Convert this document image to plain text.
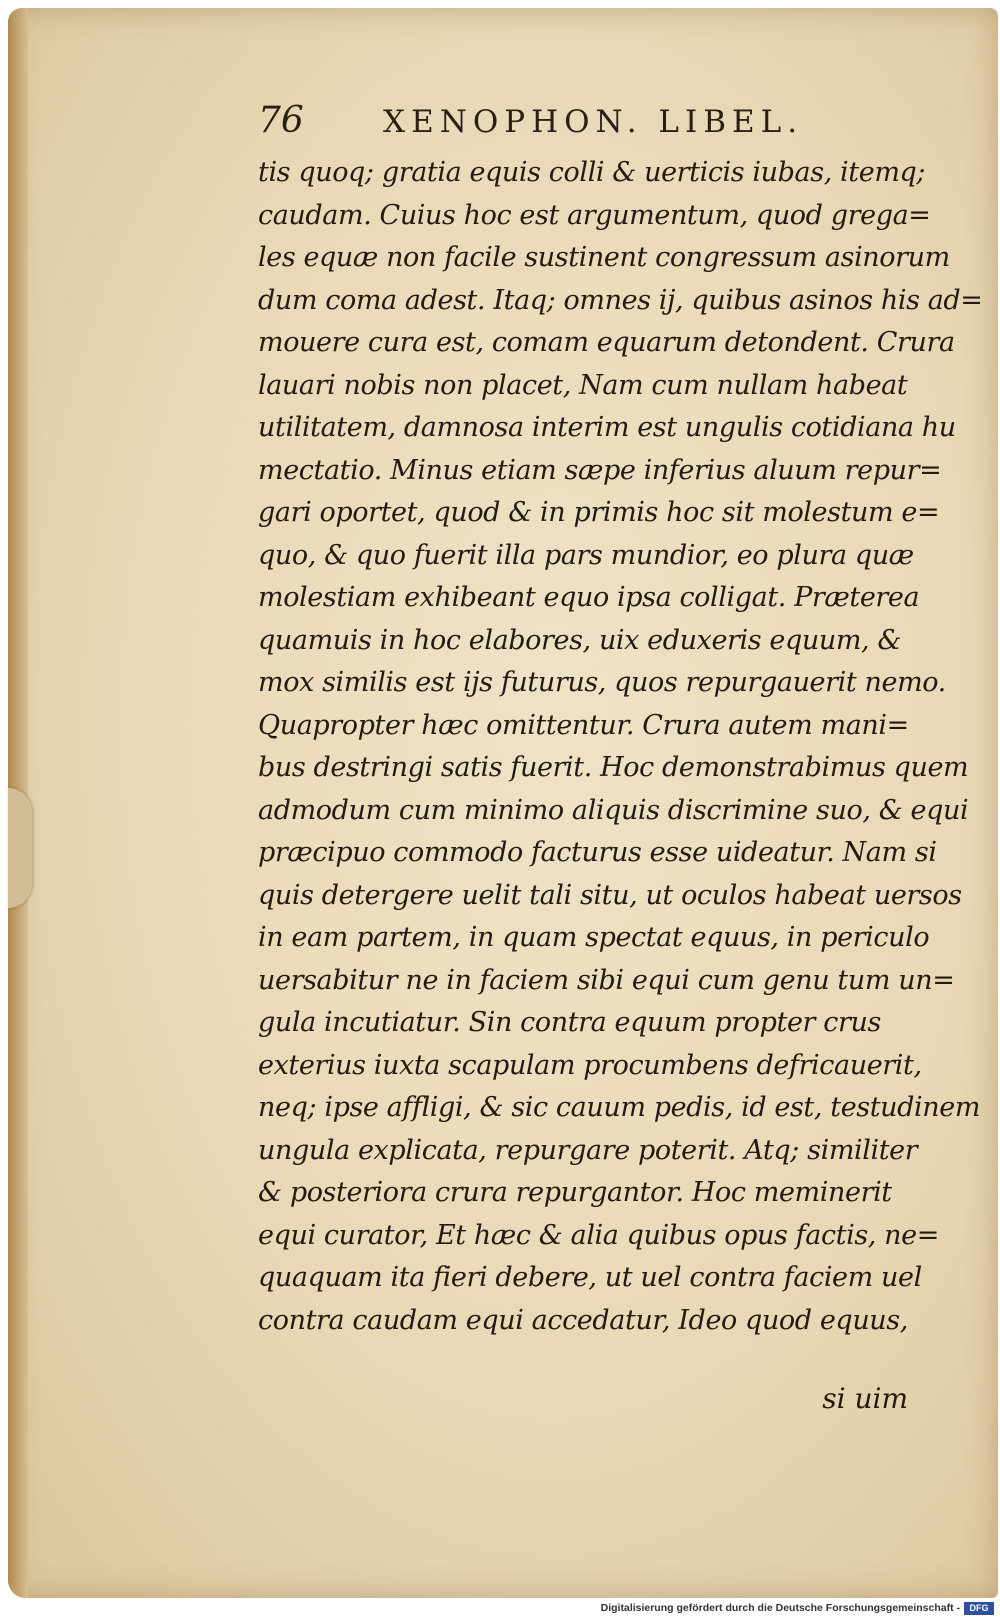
76	XENOPHON. LIBEL.
tis quoq; gratia equis colli & uerticis iubas, itemq;
caudam. Cuius hoc est argumentum, quod grega=
les equæ non facile sustinent congressum asinorum
dum coma adest. Itaq; omnes ij, quibus asinos his ad=
mouere cura est, comam equarum detondent. Crura
lauari nobis non placet, Nam cum nullam habeat
utilitatem, damnosa interim est ungulis cotidiana hu
mectatio. Minus etiam sæpe inferius aluum repur=
gari oportet, quod & in primis hoc sit molestum e=
quo, & quo fuerit illa pars mundior, eo plura quæ
molestiam exhibeant equo ipsa colligat. Præterea
quamuis in hoc elabores, uix eduxeris equum, &
mox similis est ijs futurus, quos repurgauerit nemo.
Quapropter hæc omittentur. Crura autem mani=
bus destringi satis fuerit. Hoc demonstrabimus quem
admodum cum minimo aliquis discrimine suo, & equi
præcipuo commodo facturus esse uideatur. Nam si
quis detergere uelit tali situ, ut oculos habeat uersos
in eam partem, in quam spectat equus, in periculo
uersabitur ne in faciem sibi equi cum genu tum un=
gula incutiatur. Sin contra equum propter crus
exterius iuxta scapulam procumbens defricauerit,
neq; ipse affligi, & sic cauum pedis, id est, testudinem
ungula explicata, repurgare poterit. Atq; similiter
& posteriora crura repurgantor. Hoc meminerit
equi curator, Et hæc & alia quibus opus factis, ne=
quaquam ita fieri debere, ut uel contra faciem uel
contra caudam equi accedatur, Ideo quod equus,
si uim
Digitalisierung gefördert durch die Deutsche Forschungsgemeinschaft -	DFG
